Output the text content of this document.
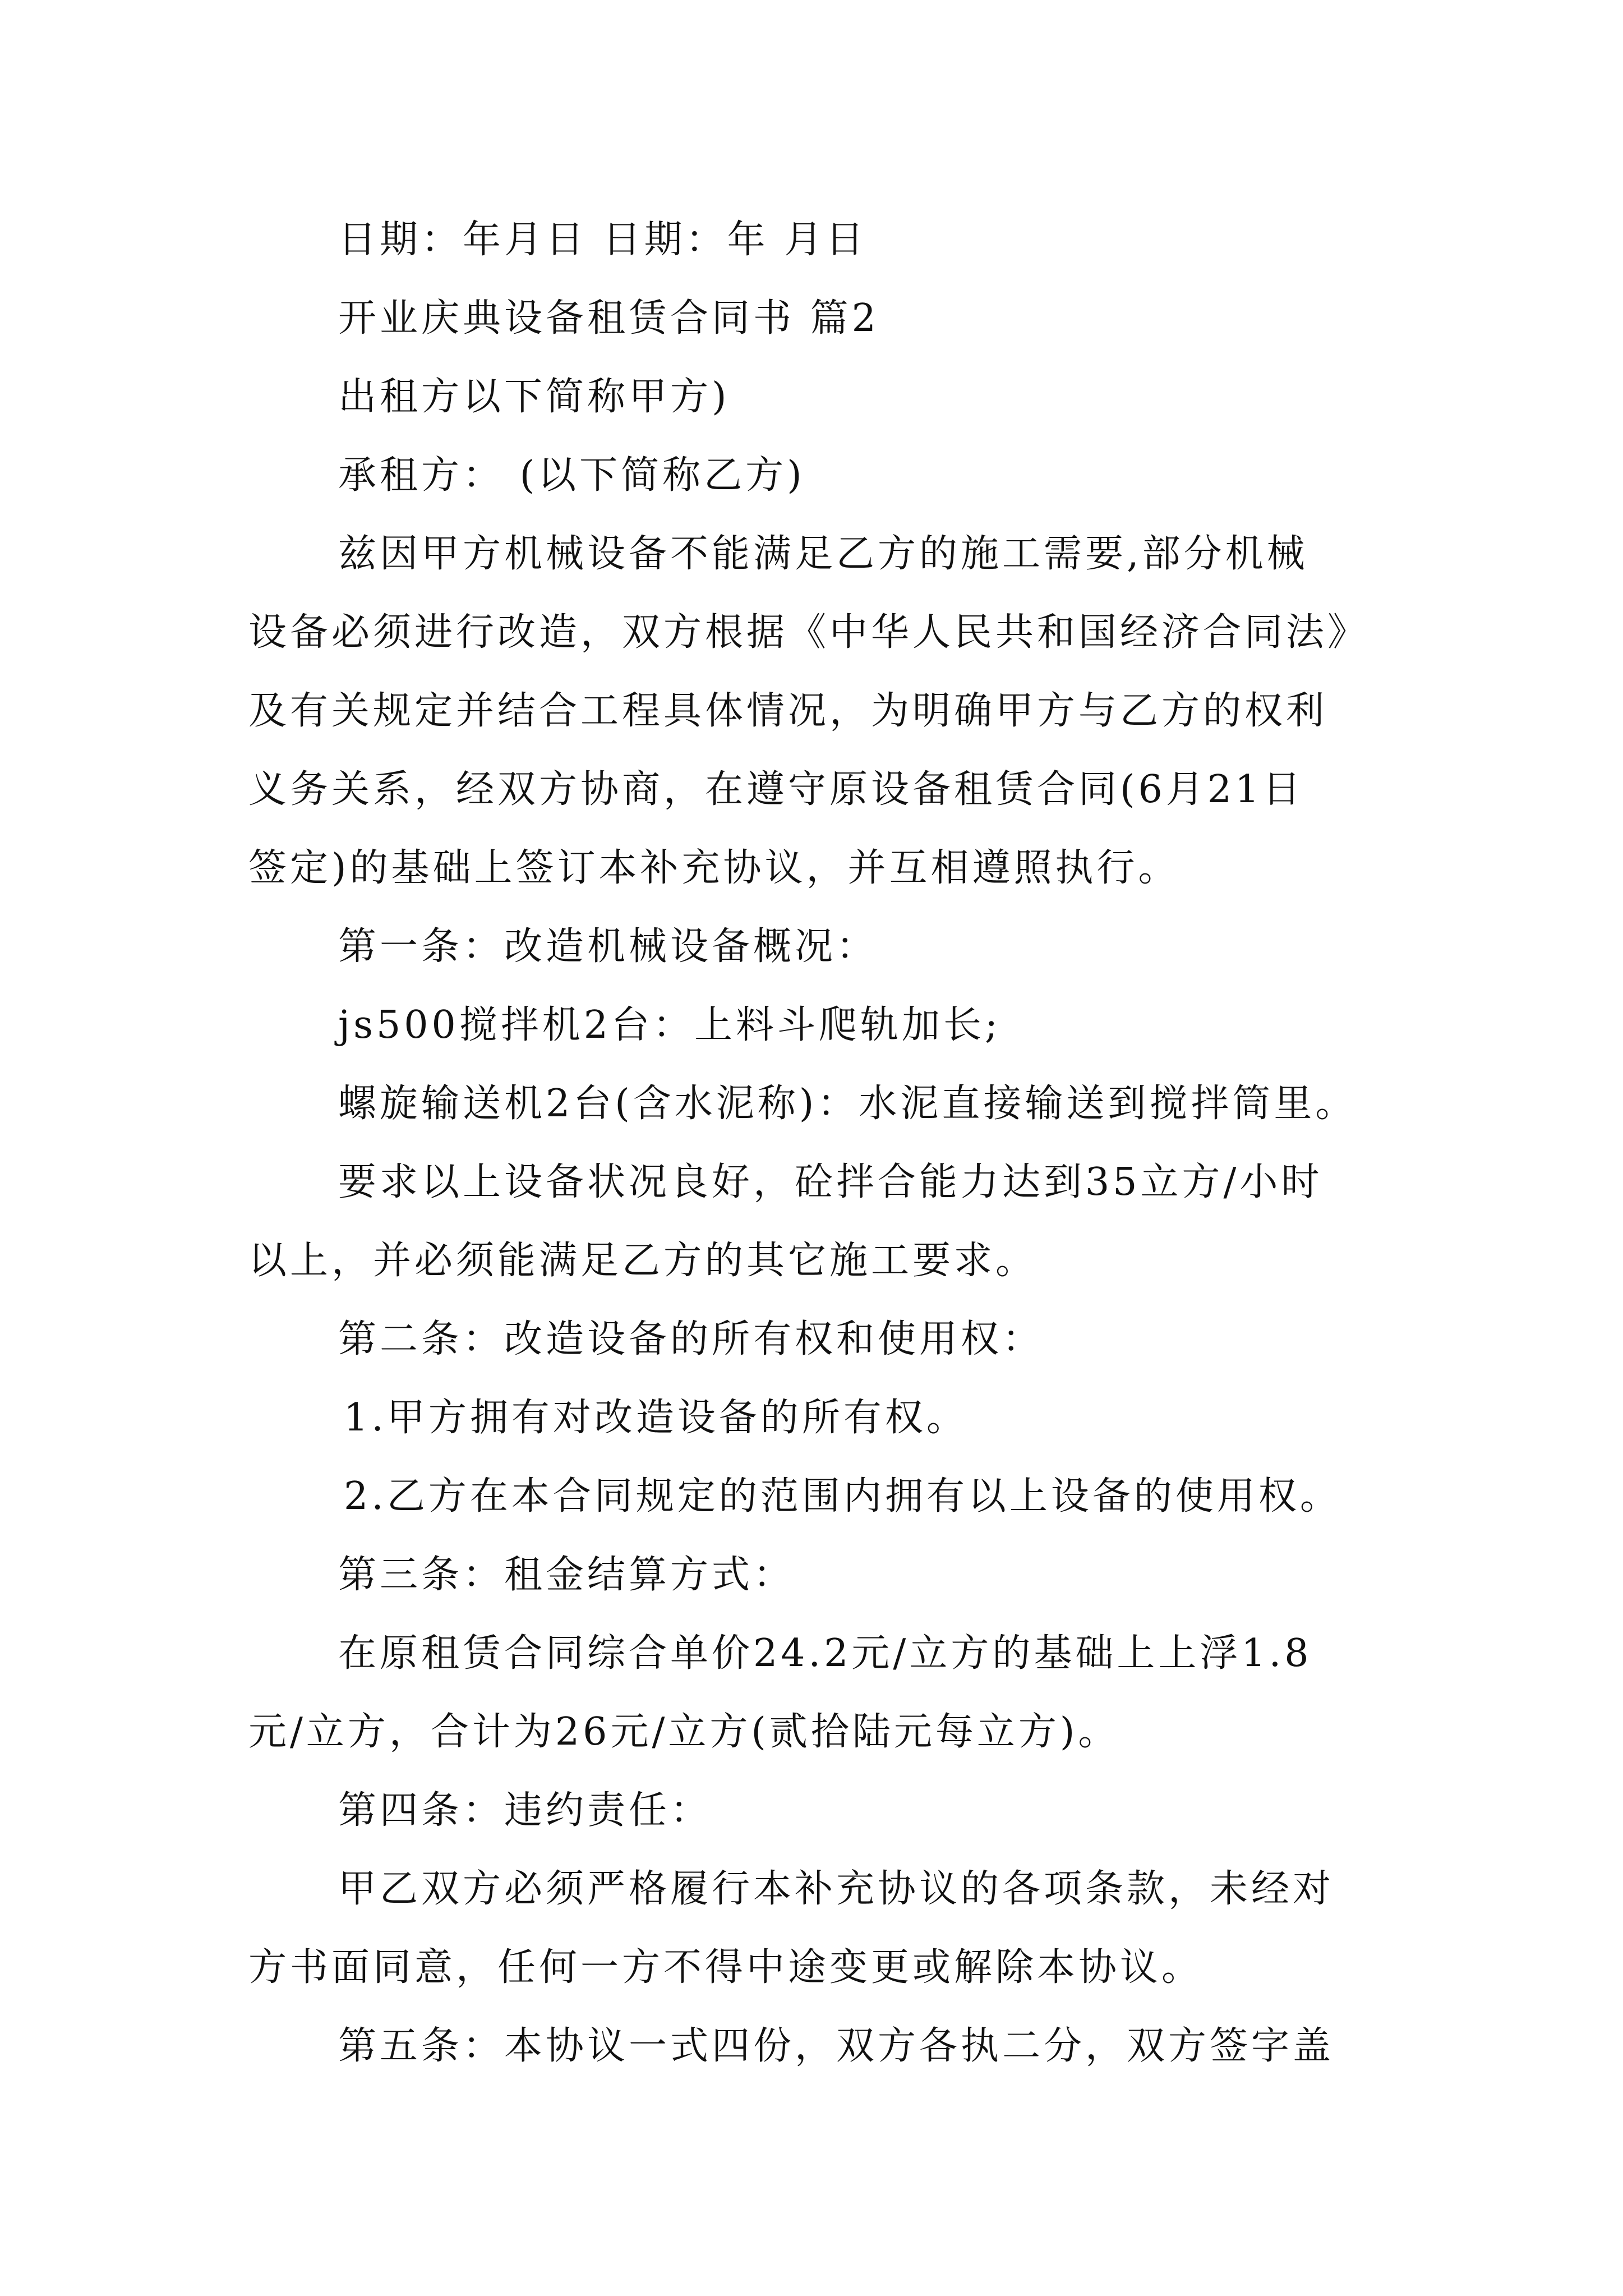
日期：年月日 日期：年 月日
开业庆典设备租赁合同书 篇2
出租方以下简称甲方)
承租方： (以下简称乙方)
兹因甲方机械设备不能满足乙方的施工需要,部分机械
设备必须进行改造，双方根据《中华人民共和国经济合同法》
及有关规定并结合工程具体情况，为明确甲方与乙方的权利
义务关系，经双方协商，在遵守原设备租赁合同(6月21日
签定)的基础上签订本补充协议，并互相遵照执行。
第一条：改造机械设备概况：
js500搅拌机2台：上料斗爬轨加长;
螺旋输送机2台(含水泥称)：水泥直接输送到搅拌筒里。
要求以上设备状况良好，砼拌合能力达到35立方/小时
以上，并必须能满足乙方的其它施工要求。
第二条：改造设备的所有权和使用权：
1.甲方拥有对改造设备的所有权。
2.乙方在本合同规定的范围内拥有以上设备的使用权。
第三条：租金结算方式：
在原租赁合同综合单价24.2元/立方的基础上上浮1.8
元/立方，合计为26元/立方(贰拾陆元每立方)。
第四条：违约责任：
甲乙双方必须严格履行本补充协议的各项条款，未经对
方书面同意，任何一方不得中途变更或解除本协议。
第五条：本协议一式四份，双方各执二分，双方签字盖
